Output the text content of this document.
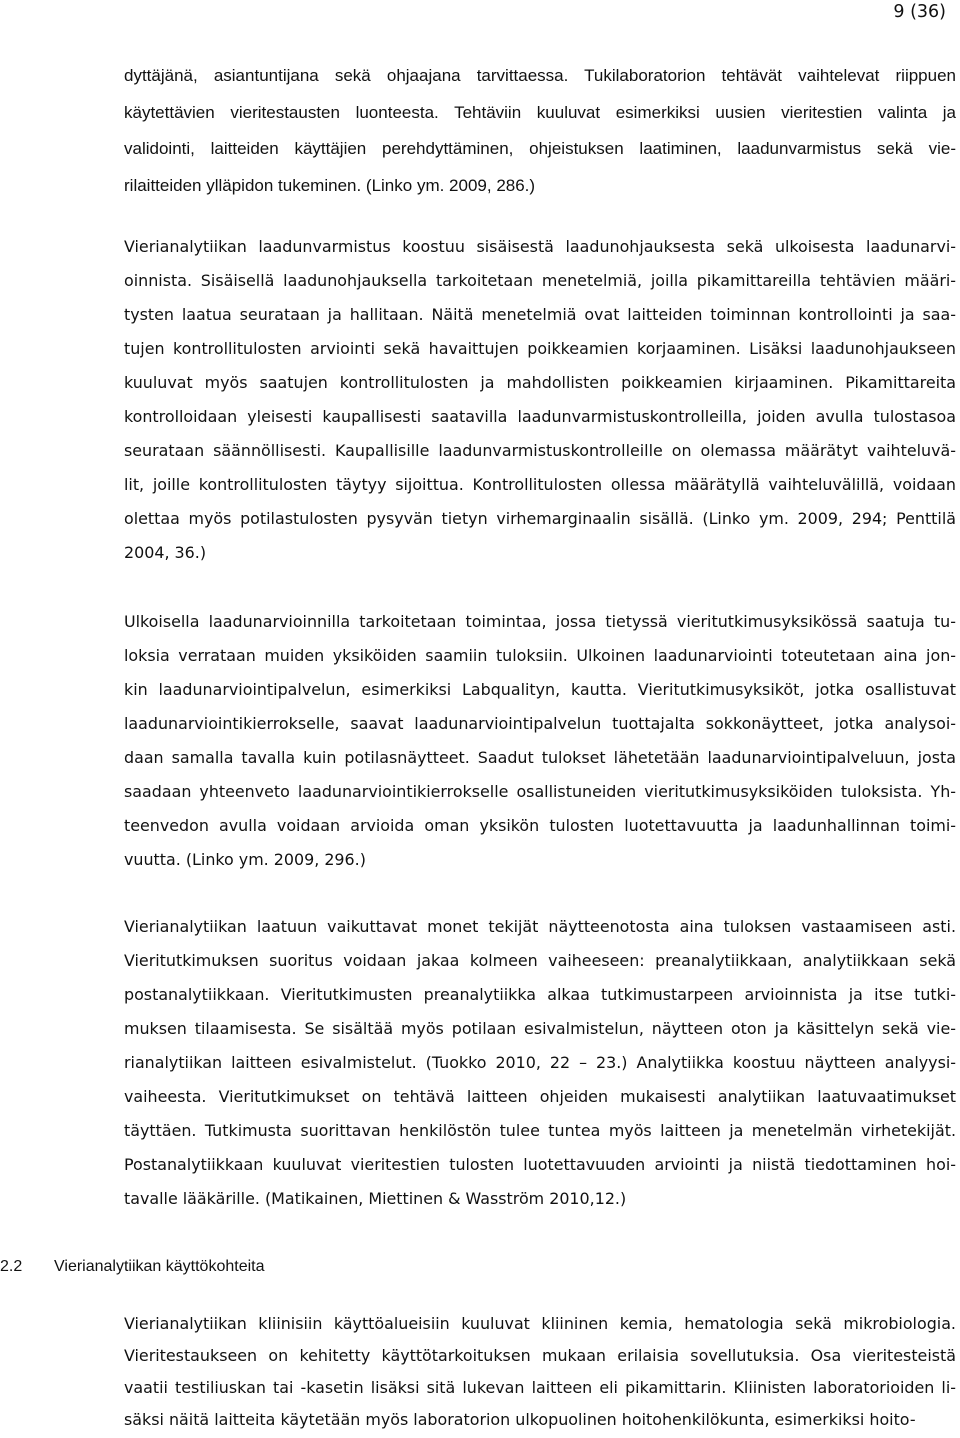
9 (36)
dyttäjänä, asiantuntijana sekä ohjaajana tarvittaessa. Tukilaboratorion tehtävät vaihtelevat riippuen
käytettävien vieritestausten luonteesta. Tehtäviin kuuluvat esimerkiksi uusien vieritestien valinta ja
validointi, laitteiden käyttäjien perehdyttäminen, ohjeistuksen laatiminen, laadunvarmistus sekä vie-
rilaitteiden ylläpidon tukeminen. (Linko ym. 2009, 286.)
Vierianalytiikan laadunvarmistus koostuu sisäisestä laadunohjauksesta sekä ulkoisesta laadunarvi-
oinnista. Sisäisellä laadunohjauksella tarkoitetaan menetelmiä, joilla pikamittareilla tehtävien määri-
tysten laatua seurataan ja hallitaan. Näitä menetelmiä ovat laitteiden toiminnan kontrollointi ja saa-
tujen kontrollitulosten arviointi sekä havaittujen poikkeamien korjaaminen. Lisäksi laadunohjaukseen
kuuluvat myös saatujen kontrollitulosten ja mahdollisten poikkeamien kirjaaminen. Pikamittareita
kontrolloidaan yleisesti kaupallisesti saatavilla laadunvarmistuskontrolleilla, joiden avulla tulostasoa
seurataan säännöllisesti. Kaupallisille laadunvarmistuskontrolleille on olemassa määrätyt vaihteluvä-
lit, joille kontrollitulosten täytyy sijoittua. Kontrollitulosten ollessa määrätyllä vaihteluvälillä, voidaan
olettaa myös potilastulosten pysyvän tietyn virhemarginaalin sisällä. (Linko ym. 2009, 294; Penttilä
2004, 36.)
Ulkoisella laadunarvioinnilla tarkoitetaan toimintaa, jossa tietyssä vieritutkimusyksikössä saatuja tu-
loksia verrataan muiden yksiköiden saamiin tuloksiin. Ulkoinen laadunarviointi toteutetaan aina jon-
kin laadunarviointipalvelun, esimerkiksi Labqualityn, kautta. Vieritutkimusyksiköt, jotka osallistuvat
laadunarviointikierrokselle, saavat laadunarviointipalvelun tuottajalta sokkonäytteet, jotka analysoi-
daan samalla tavalla kuin potilasnäytteet. Saadut tulokset lähetetään laadunarviointipalveluun, josta
saadaan yhteenveto laadunarviointikierrokselle osallistuneiden vieritutkimusyksiköiden tuloksista. Yh-
teenvedon avulla voidaan arvioida oman yksikön tulosten luotettavuutta ja laadunhallinnan toimi-
vuutta. (Linko ym. 2009, 296.)
Vierianalytiikan laatuun vaikuttavat monet tekijät näytteenotosta aina tuloksen vastaamiseen asti.
Vieritutkimuksen suoritus voidaan jakaa kolmeen vaiheeseen: preanalytiikkaan, analytiikkaan sekä
postanalytiikkaan. Vieritutkimusten preanalytiikka alkaa tutkimustarpeen arvioinnista ja itse tutki-
muksen tilaamisesta. Se sisältää myös potilaan esivalmistelun, näytteen oton ja käsittelyn sekä vie-
rianalytiikan laitteen esivalmistelut. (Tuokko 2010, 22 – 23.) Analytiikka koostuu näytteen analyysi-
vaiheesta. Vieritutkimukset on tehtävä laitteen ohjeiden mukaisesti analytiikan laatuvaatimukset
täyttäen. Tutkimusta suorittavan henkilöstön tulee tuntea myös laitteen ja menetelmän virhetekijät.
Postanalytiikkaan kuuluvat vieritestien tulosten luotettavuuden arviointi ja niistä tiedottaminen hoi-
tavalle lääkärille. (Matikainen, Miettinen & Wasström 2010,12.)
2.2 Vierianalytiikan käyttökohteita
Vierianalytiikan kliinisiin käyttöalueisiin kuuluvat kliininen kemia, hematologia sekä mikrobiologia.
Vieritestaukseen on kehitetty käyttötarkoituksen mukaan erilaisia sovellutuksia. Osa vieritesteistä
vaatii testiliuskan tai -kasetin lisäksi sitä lukevan laitteen eli pikamittarin. Kliinisten laboratorioiden li-
säksi näitä laitteita käytetään myös laboratorion ulkopuolinen hoitohenkilökunta, esimerkiksi hoito-
